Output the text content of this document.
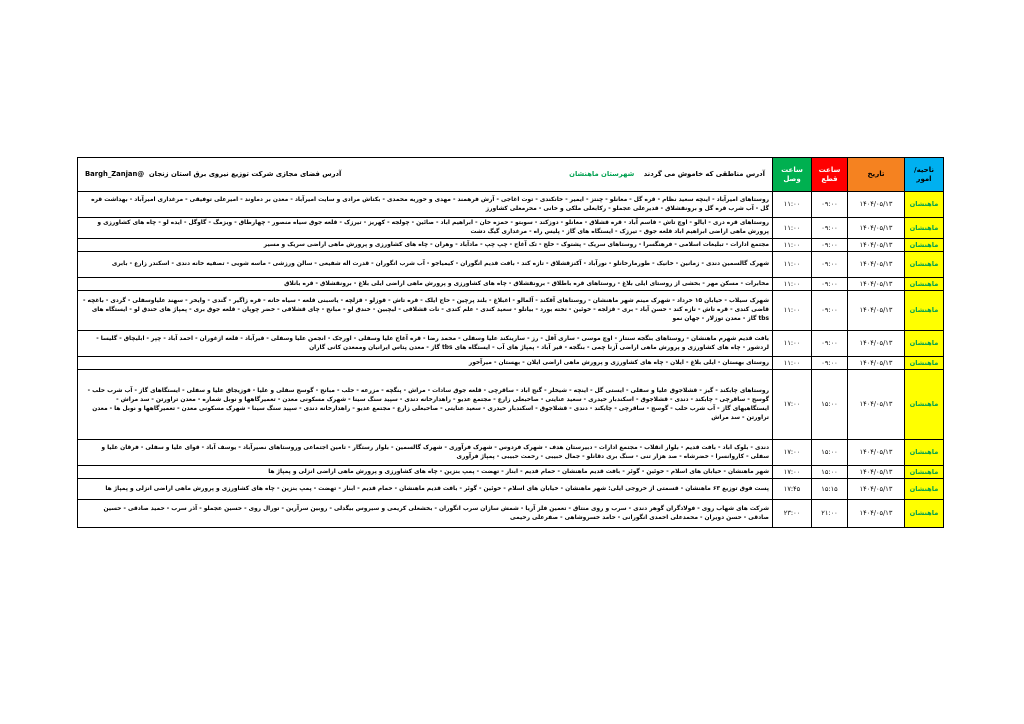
ناحیه/امور	تاریخ	ساعت قطع	ساعت وصل	آدرس مناطقی که خاموش می گردند    شهرستان ماهنشان
آدرس فضای مجازی شرکت توزیع نیروی برق استان زنجان  @Bargh_Zanjan

ماهنشان	۱۴۰۴/۰۵/۱۳	۰۹:۰۰	۱۱:۰۰	روستاهای امیرآباد - اینچه سعید نظام - قره گل - مغانلو - چنتز - ایمیر - خانکندی - توت اغاجی - آرش فرهمند - مهدی و حوریه محمدی - بکتاش مرادی و سایت امیرآباد - معدن بر دماوند - امیرعلی توفیقی - مرغداری امیرآباد - بهداشت قره گل - آب شرب قره گل و برونقشلاق - قدیرعلی عجملو - رکابعلی ملکی و خانی - محرمعلی کشاورز
ماهنشان	۱۴۰۴/۰۵/۱۳	۰۹:۰۰	۱۱:۰۰	روستاهای قره دری - ایالو - اوچ تاش - قاسم آباد - قره قشلاق - مغانلو - دوزکند - سوبتو - حمزه خان - ابراهیم اباد - صائین - چولجه - کهریز - تیرزک - قلعه جوق سیاه منصور - چهارطاق - ویزمگ - گاوگل - ایده لو - چاه های کشاورزی و پرورش ماهی اراضی ابراهیم اباد قلعه جوق - تیرزک - ایستگاه های گاز - پلیس راه - مرغداری گیگ دشت
ماهنشان	۱۴۰۴/۰۵/۱۳	۰۹:۰۰	۱۱:۰۰	مجتمع ادارات - تبلیغات اسلامی - فرهنگسرا - روستاهای سریک - پشتوک - خلج - تک آغاج - چپ چپ - مادآباد - وهران - چاه های کشاورزی و پرورش ماهی اراضی سریک و مسیر
ماهنشان	۱۴۰۴/۰۵/۱۳	۰۹:۰۰	۱۱:۰۰	شهرک گالسمین دندی - زمانین - خانیک - طورمارخانلو - نورآباد - آکنزقشلاق - تازه کند - بافت قدیم انگوران - کیمیاجو - آب شرب انگوران - قدرت اله شفیعی - سالن ورزشی - ماسه شویی - تصفیه خانه دندی - اسکندر زارع - بابری
ماهنشان	۱۴۰۴/۰۵/۱۳	۰۹:۰۰	۱۱:۰۰	مخابرات - مسکن مهر - بخشی از روستای ایلی بلاغ - روستاهای قره باطلاق - برونقشلاق - چاه های کشاورزی و پرورش ماهی اراضی ایلی بلاغ - برونقشلاق - قره بانلاق
ماهنشان	۱۴۰۴/۰۵/۱۳	۰۹:۰۰	۱۱:۰۰	شهرک سیلاب - خیابان ۱۵ خرداد - شهرک مینم شهر ماهنشان - روستاهای آقکند - آلمالو - اغبلاغ - بلند پرچین - حاج ایلک - قره تاش - قوزلو - قزلچه - یاسبنی قلعه - سیاه خانه - قره زاگیر - گندی - وایخر - سهند علیاوسفلی - گردی - باغچه - قاضی کندی - قره تاش - تازه کند - حسن آباد - بری - قزلجه - خوئین - تخته بورد - بیانلو - سعید کندی - علم کندی - نات قشلاقی - لیچبین - خندق لو - مبانج - چای قشلاقی - خضر چوپان - قلعه جوق بری - پمپاژ های خندق لو - ایستگاه های tbs گاز - معدن توزلار - جهان نمو
ماهنشان	۱۴۰۴/۰۵/۱۳	۰۹:۰۰	۱۱:۰۰	بافت قدیم شهرم ماهنشان - روستاهای بنگجه سنتار - اوچ موسی - ساری آقل - رز - سارینکند علیا وسفلی - محمد رضا - قره آغاج علیا وسفلی - اورجک - انجمن علیا وسفلی - قیرآباد - قلعه ازغوران - احمد آباد - چپر - ابلیچاق - گلیسا - لردشور - چاه های کشاورزی و پرورش ماهی اراضی آزنا چمی - بنگجه - قیر آباد - پمپاژ های آب - ایستگاه های tbs گاز - معدن پتاس ایرانیان وممعدن کانی گاران
ماهنشان	۱۴۰۴/۰۵/۱۳	۰۹:۰۰	۱۱:۰۰	روستای بهستان - ایلی بلاغ - ایلان - چاه های کشاورزی و پرورش ماهی اراضی ایلان - بهستان - میرآخور
ماهنشان	۱۴۰۴/۰۵/۱۳	۱۵:۰۰	۱۷:۰۰	روستاهای چابکند - گیز - قشلاجوق علیا و سفلی - ایستی گل - اینچه - شیخلر - گنج اباد - ساقرچی - قلعه جوق سادات - مراش - پنگچه - مزرعه - حلب - مبانج - گوسج سفلی و علیا - قوزیجاق علیا و سفلی - ایستگاهای گاز - آب شرب حلب - گوسج - ساقرچی - چابکند - دندی - قشلاجوق - اسکندبار حیدری - سعید عنایتی - صاحبعلی زارع - مجتمع عدیو - راهدارخانه دندی - سپید سنگ سینا - شهرک مسکونی معدن - تعمیرگاهها و نوبل شماره - معدن تراورتن - سد مراش - ایستگاهیهای گاز - آب شرب حلب - گوسج - ساقرچی - چابکند - دندی - قشلاجوق - اسکندبار حیدری - سعید عنایتی - صاحبعلی زارع - مجتمع عدیو - راهدارخانه دندی - سپید سنگ سینا - شهرک مسکونی معدن - تعمیرگاهها و نوبل ها - معدن تراورتن - سد مراش
ماهنشان	۱۴۰۴/۰۵/۱۳	۱۵:۰۰	۱۷:۰۰	دندی - بلوک اباد - بافت قدیم - بلوار انقلاب - مجتمع ادارات - دبیرستان هدف - شهرک فردوس - شهرک فرآوری - شهرک گالسمین - بلوار رستگار - تامین اجتماعی وروستاهای نصیرآباد - یوسف آباد - قوای علیا و سفلی - فرقان علیا و سفلی - کاروانسرا - خضرشاه - صد هزار تنی - سنگ بری دقانلو - جمال حبیبی - رحمت حبیبی - پمپاژ فرآوری
ماهنشان	۱۴۰۴/۰۵/۱۳	۱۵:۰۰	۱۷:۰۰	شهر ماهنشان - خیابان های اسلام - خوئین - گوئر - بافت قدیم ماهنشان - حمام قدیم - ابنار - تهضت - پمپ بنزین - چاه های کشاورزی و پرورش ماهی اراضی انزلی و پمپاژ ها
ماهنشان	۱۴۰۴/۰۵/۱۳	۱۵:۱۵	۱۷:۴۵	پست فوق توزیع ۶۳ ماهنشان - قسمتی از خروجی ایلی: شهر ماهنشان - خیابان های اسلام - خوئین - گوئر - بافت قدیم ماهنشان - حمام قدیم - ابنار - تهضت - پمپ بنزین - چاه های کشاورزی و پرورش ماهی اراضی انزلی و پمپاژ ها
ماهنشان	۱۴۰۴/۰۵/۱۳	۲۱:۰۰	۲۳:۰۰	شرکت های شهاب روی - فولادگران گوهر دندی - سرب و روی منتاق - تعمین فلز آریا - شمش سازان سرب انگوران - بخشعلی کریمی و سیروس بیگدلی - روبین سرآرین - تورال روی - حسین عجملو - آذر سرب - حمید صادقی - حسین صادقی - حسن دویران - محمدعلی احمدی انگورانی - حامد خسروشاهی - صفرعلی رحیمی
